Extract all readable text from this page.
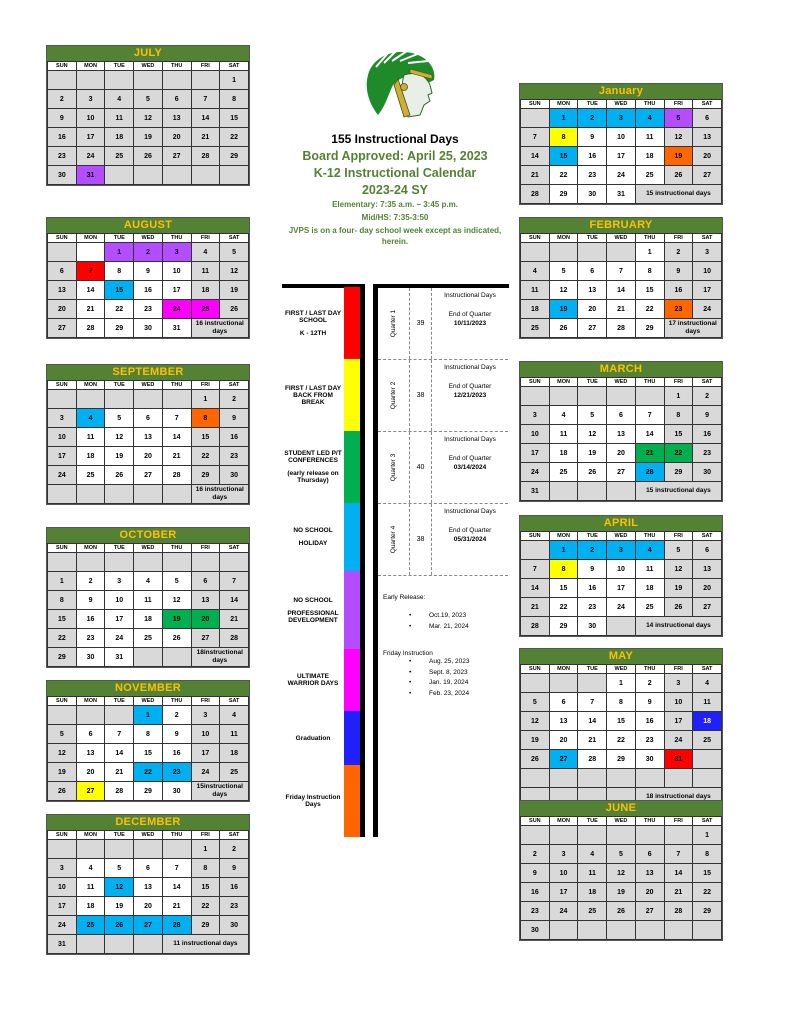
155 Instructional Days
Board Approved: April 25, 2023
K-12 Instructional Calendar
2023-24 SY
Elementary: 7:35 a.m. – 3:45 p.m.
Mid/HS: 7:35-3:50
JVPS is on a four- day school week except as indicated, herein.
FIRST / LAST DAY SCHOOL
K - 12TH
FIRST / LAST DAY BACK FROM BREAK
STUDENT LED P/T CONFERENCES
(early release on Thursday)
NO SCHOOL
HOLIDAY
NO SCHOOL
PROFESSIONAL DEVELOPMENT
ULTIMATE WARRIOR DAYS
Graduation
Friday Instruction Days
Quarter 1	39
Instructional Days
End of Quarter
10/11/2023
Quarter 2	38
Instructional Days
End of Quarter
12/21/2023
Quarter 3	40
Instructional Days
End of Quarter
03/14/2024
Quarter 4	38
Instructional Days
End of Quarter
05/31/2024
Early Release:
• Oct.19, 2023
• Mar. 21, 2024
Friday Instruction
• Aug. 25, 2023
• Sept. 8, 2023
• Jan. 19, 2024
• Feb. 23, 2024
JULY
SUN	MON	TUE	WED	THU	FRI	SAT
						1
2	3	4	5	6	7	8
9	10	11	12	13	14	15
16	17	18	19	20	21	22
23	24	25	26	27	28	29
30	31					
AUGUST
SUN	MON	TUE	WED	THU	FRI	SAT
		1	2	3	4	5
6	7	8	9	10	11	12
13	14	15	16	17	18	19
20	21	22	23	24	25	26
27	28	29	30	31	16 instructional days	
SEPTEMBER
SUN	MON	TUE	WED	THU	FRI	SAT
					1	2
3	4	5	6	7	8	9
10	11	12	13	14	15	16
17	18	19	20	21	22	23
24	25	26	27	28	29	30
					16 instructional days	
OCTOBER
SUN	MON	TUE	WED	THU	FRI	SAT

1	2	3	4	5	6	7
8	9	10	11	12	13	14
15	16	17	18	19	20	21
22	23	24	25	26	27	28
29	30	31			18instructional days	
NOVEMBER
SUN	MON	TUE	WED	THU	FRI	SAT
			1	2	3	4
5	6	7	8	9	10	11
12	13	14	15	16	17	18
19	20	21	22	23	24	25
26	27	28	29	30	15instructional days	
DECEMBER
SUN	MON	TUE	WED	THU	FRI	SAT
					1	2
3	4	5	6	7	8	9
10	11	12	13	14	15	16
17	18	19	20	21	22	23
24	25	26	27	28	29	30
31				11 instructional days		
January
SUN	MON	TUE	WED	THU	FRI	SAT
	1	2	3	4	5	6
7	8	9	10	11	12	13
14	15	16	17	18	19	20
21	22	23	24	25	26	27
28	29	30	31	15 instructional days		
FEBRUARY
SUN	MON	TUE	WED	THU	FRI	SAT
				1	2	3
4	5	6	7	8	9	10
11	12	13	14	15	16	17
18	19	20	21	22	23	24
25	26	27	28	29	17 instructional days	
MARCH
SUN	MON	TUE	WED	THU	FRI	SAT
					1	2
3	4	5	6	7	8	9
10	11	12	13	14	15	16
17	18	19	20	21	22	23
24	25	26	27	28	29	30
31				15 instructional days		
APRIL
SUN	MON	TUE	WED	THU	FRI	SAT
	1	2	3	4	5	6
7	8	9	10	11	12	13
14	15	16	17	18	19	20
21	22	23	24	25	26	27
28	29	30		14 instructional days		
MAY
SUN	MON	TUE	WED	THU	FRI	SAT
			1	2	3	4
5	6	7	8	9	10	11
12	13	14	15	16	17	18
19	20	21	22	23	24	25
26	27	28	29	30	31	

				18 instructional days		
JUNE
SUN	MON	TUE	WED	THU	FRI	SAT
						1
2	3	4	5	6	7	8
9	10	11	12	13	14	15
16	17	18	19	20	21	22
23	24	25	26	27	28	29
30						
